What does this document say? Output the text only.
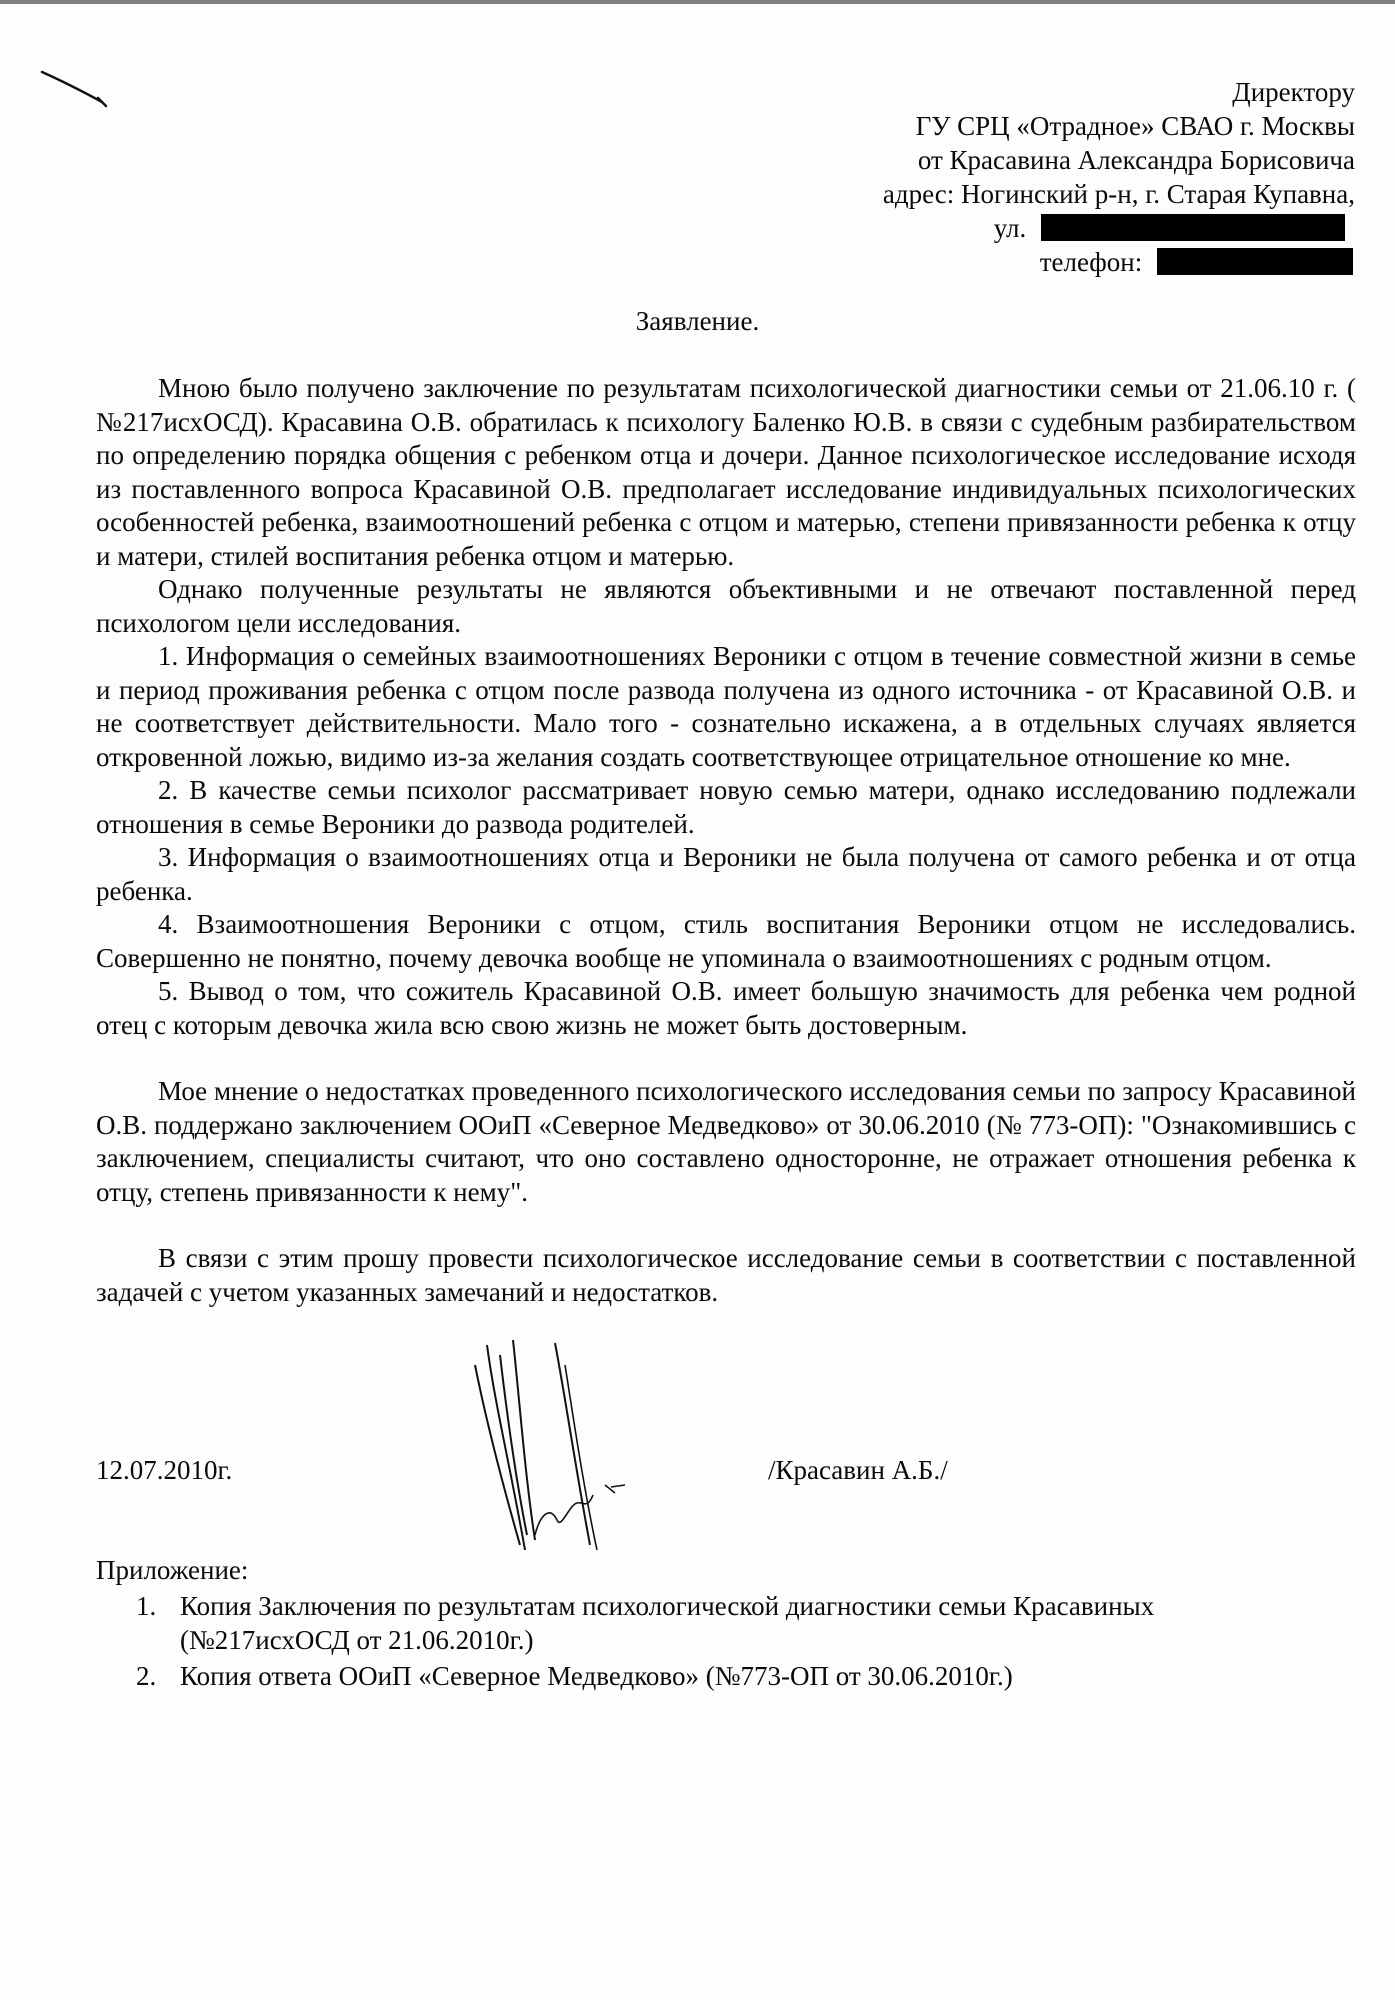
Директору
ГУ СРЦ «Отрадное» СВАО г. Москвы
от Красавина Александра Борисовича
адрес: Ногинский р-н, г. Старая Купавна,
ул.
телефон:
Заявление.

Мною было получено заключение по результатам психологической диагностики семьи от 21.06.10 г. ( №217исхОСД). Красавина О.В. обратилась к психологу Баленко Ю.В. в связи с судебным разбирательством по определению порядка общения с ребенком отца и дочери. Данное психологическое исследование исходя из поставленного вопроса Красавиной О.В. предполагает исследование индивидуальных психологических особенностей ребенка, взаимоотношений ребенка с отцом и матерью, степени привязанности ребенка к отцу и матери, стилей воспитания ребенка отцом и матерью.

Однако полученные результаты не являются объективными и не отвечают поставленной перед психологом цели исследования.

1. Информация о семейных взаимоотношениях Вероники с отцом в течение совместной жизни в семье и период проживания ребенка с отцом после развода получена из одного источника - от Красавиной О.В. и не соответствует действительности. Мало того - сознательно искажена, а в отдельных случаях является откровенной ложью, видимо из-за желания создать соответствующее отрицательное отношение ко мне.

2. В качестве семьи психолог рассматривает новую семью матери, однако исследованию подлежали отношения в семье Вероники до развода родителей.

3. Информация о взаимоотношениях отца и Вероники не была получена от самого ребенка и от отца ребенка.

4. Взаимоотношения Вероники с отцом, стиль воспитания Вероники отцом не исследовались. Совершенно не понятно, почему девочка вообще не упоминала о взаимоотношениях с родным отцом.

5. Вывод о том, что сожитель Красавиной О.В. имеет большую значимость для ребенка чем родной отец с которым девочка жила всю свою жизнь не может быть достоверным.

Мое мнение о недостатках проведенного психологического исследования семьи по запросу Красавиной О.В. поддержано заключением ООиП «Северное Медведково» от 30.06.2010 (№ 773-ОП): "Ознакомившись с заключением, специалисты считают, что оно составлено односторонне, не отражает отношения ребенка к отцу, степень привязанности к нему".

В связи с этим прошу провести психологическое исследование семьи в соответствии с поставленной задачей с учетом указанных замечаний и недостатков.

12.07.2010г.	/Красавин А.Б./
Приложение:
1. Копия Заключения по результатам психологической диагностики семьи Красавиных (№217исхОСД от 21.06.2010г.)
2. Копия ответа ООиП «Северное Медведково» (№773-ОП от 30.06.2010г.)
